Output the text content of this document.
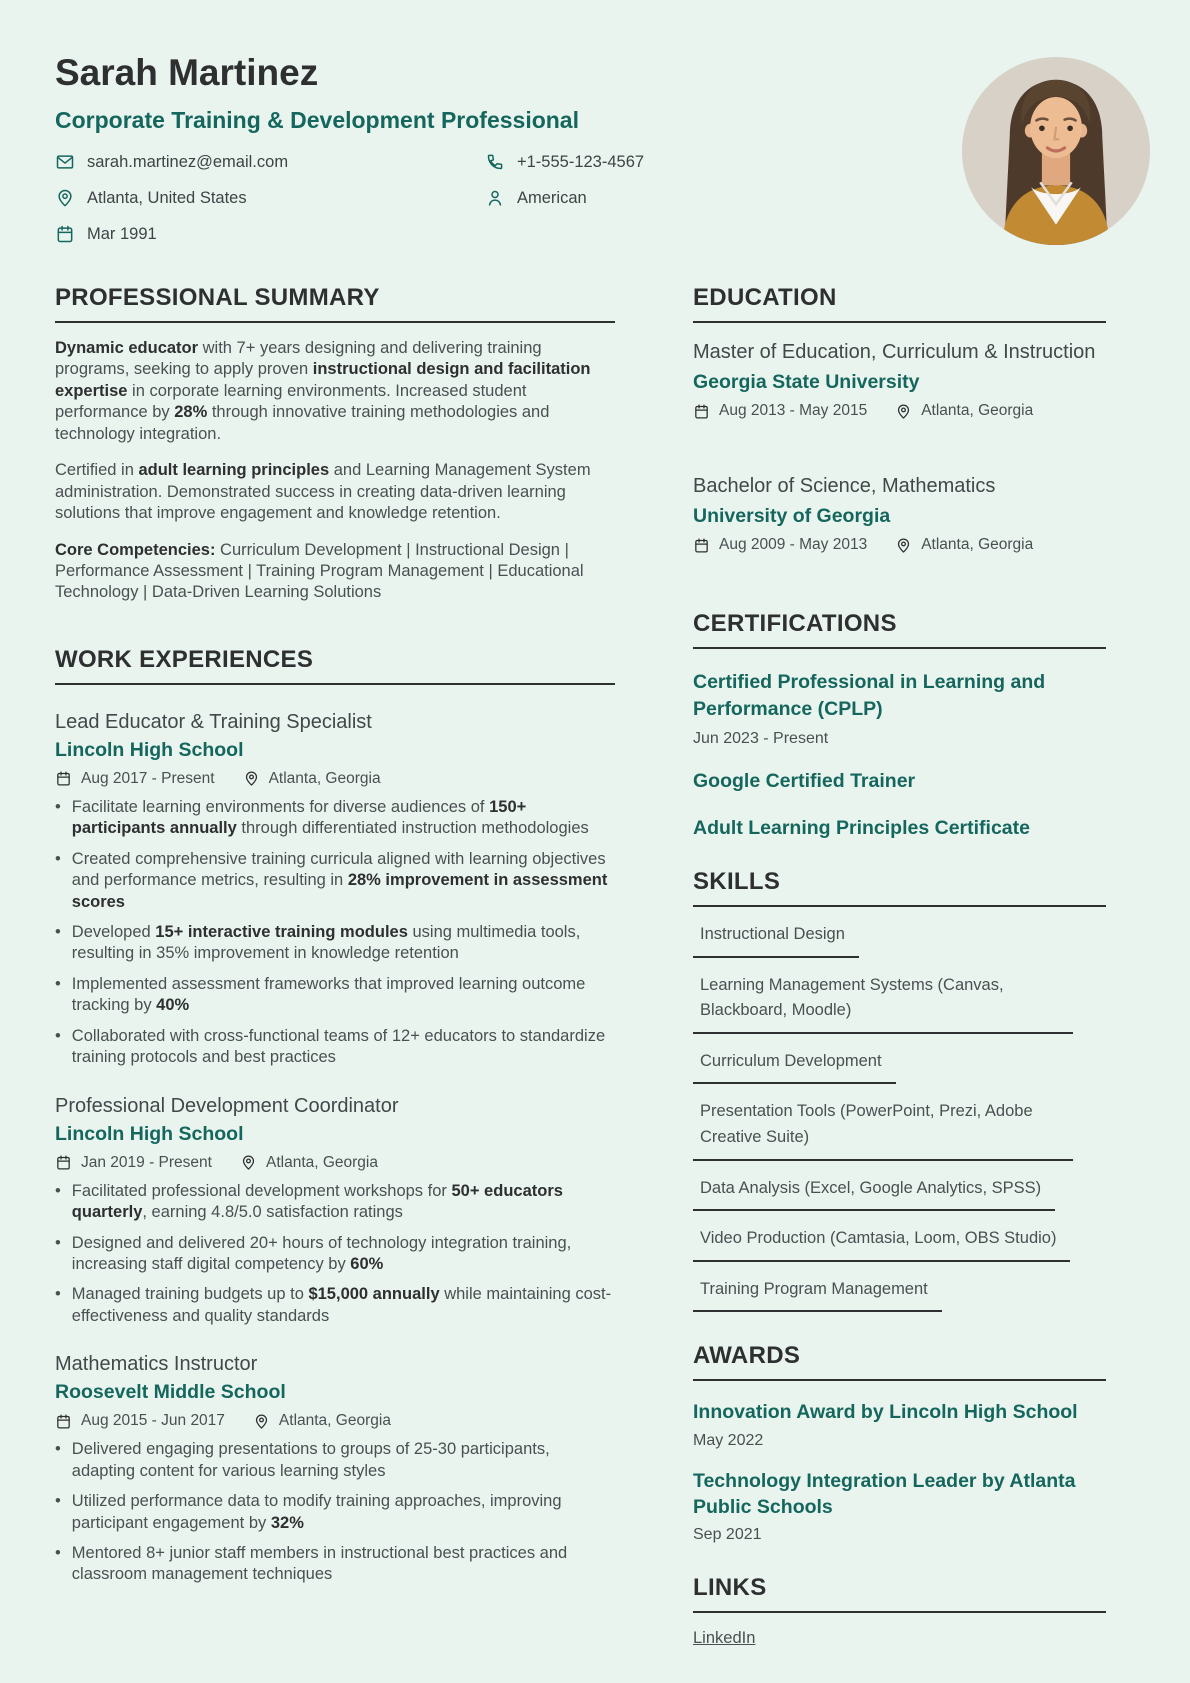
Sarah Martinez
Corporate Training & Development Professional
sarah.martinez@email.com	+1-555-123-4567
Atlanta, United States	American
Mar 1991
PROFESSIONAL SUMMARY

Dynamic educator with 7+ years designing and delivering training programs, seeking to apply proven instructional design and facilitation expertise in corporate learning environments. Increased student performance by 28% through innovative training methodologies and technology integration.

Certified in adult learning principles and Learning Management System administration. Demonstrated success in creating data-driven learning solutions that improve engagement and knowledge retention.

Core Competencies: Curriculum Development | Instructional Design | Performance Assessment | Training Program Management | Educational Technology | Data-Driven Learning Solutions

WORK EXPERIENCES
Lead Educator & Training Specialist
Lincoln High School
Aug 2017 - Present	Atlanta, Georgia
• Facilitate learning environments for diverse audiences of 150+ participants annually through differentiated instruction methodologies
• Created comprehensive training curricula aligned with learning objectives and performance metrics, resulting in 28% improvement in assessment scores
• Developed 15+ interactive training modules using multimedia tools, resulting in 35% improvement in knowledge retention
• Implemented assessment frameworks that improved learning outcome tracking by 40%
• Collaborated with cross-functional teams of 12+ educators to standardize training protocols and best practices
Professional Development Coordinator
Lincoln High School
Jan 2019 - Present	Atlanta, Georgia
• Facilitated professional development workshops for 50+ educators quarterly, earning 4.8/5.0 satisfaction ratings
• Designed and delivered 20+ hours of technology integration training, increasing staff digital competency by 60%
• Managed training budgets up to $15,000 annually while maintaining cost-effectiveness and quality standards
Mathematics Instructor
Roosevelt Middle School
Aug 2015 - Jun 2017	Atlanta, Georgia
• Delivered engaging presentations to groups of 25-30 participants, adapting content for various learning styles
• Utilized performance data to modify training approaches, improving participant engagement by 32%
• Mentored 8+ junior staff members in instructional best practices and classroom management techniques
EDUCATION
Master of Education, Curriculum & Instruction
Georgia State University
Aug 2013 - May 2015	Atlanta, Georgia
Bachelor of Science, Mathematics
University of Georgia
Aug 2009 - May 2013	Atlanta, Georgia
CERTIFICATIONS
Certified Professional in Learning and Performance (CPLP)
Jun 2023 - Present
Google Certified Trainer
Adult Learning Principles Certificate
SKILLS
Instructional Design
Learning Management Systems (Canvas, Blackboard, Moodle)
Curriculum Development
Presentation Tools (PowerPoint, Prezi, Adobe Creative Suite)
Data Analysis (Excel, Google Analytics, SPSS)
Video Production (Camtasia, Loom, OBS Studio)
Training Program Management
AWARDS
Innovation Award by Lincoln High School
May 2022
Technology Integration Leader by Atlanta Public Schools
Sep 2021
LINKS
LinkedIn
